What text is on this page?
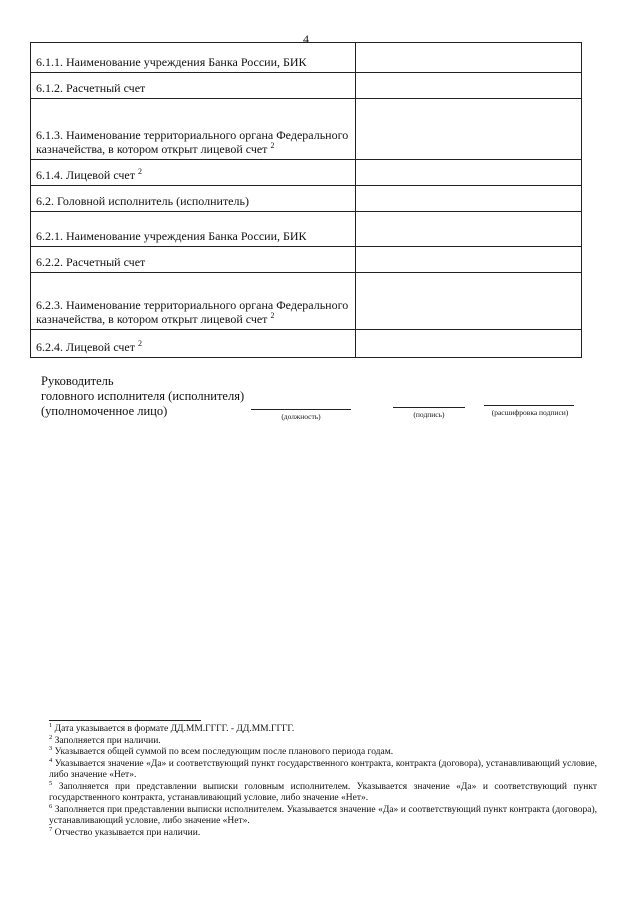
4
6.1.1. Наименование учреждения Банка России, БИК	
6.1.2. Расчетный счет	
6.1.3. Наименование территориального органа Федерального казначейства, в котором открыт лицевой счет $^2$	
6.1.4. Лицевой счет $^2$	
6.2. Головной исполнитель (исполнитель)	
6.2.1. Наименование учреждения Банка России, БИК	
6.2.2. Расчетный счет	
6.2.3. Наименование территориального органа Федерального казначейства, в котором открыт лицевой счет $^2$	
6.2.4. Лицевой счет $^2$	
Руководитель
головного исполнителя (исполнителя)
(уполномоченное лицо)	(должность)	(подпись)	(расшифровка подписи)

$^1$ Дата указывается в формате ДД.ММ.ГГГГ. - ДД.ММ.ГГГГ.

$^2$ Заполняется при наличии.

$^3$ Указывается общей суммой по всем последующим после планового периода годам.

$^4$ Указывается значение «Да» и соответствующий пункт государственного контракта, контракта (договора), устанавливающий условие, либо значение «Нет».

$^5$ Заполняется при представлении выписки головным исполнителем. Указывается значение «Да» и соответствующий пункт государственного контракта, устанавливающий условие, либо значение «Нет».

$^6$ Заполняется при представлении выписки исполнителем. Указывается значение «Да» и соответствующий пункт контракта (договора), устанавливающий условие, либо значение «Нет».

$^7$ Отчество указывается при наличии.
